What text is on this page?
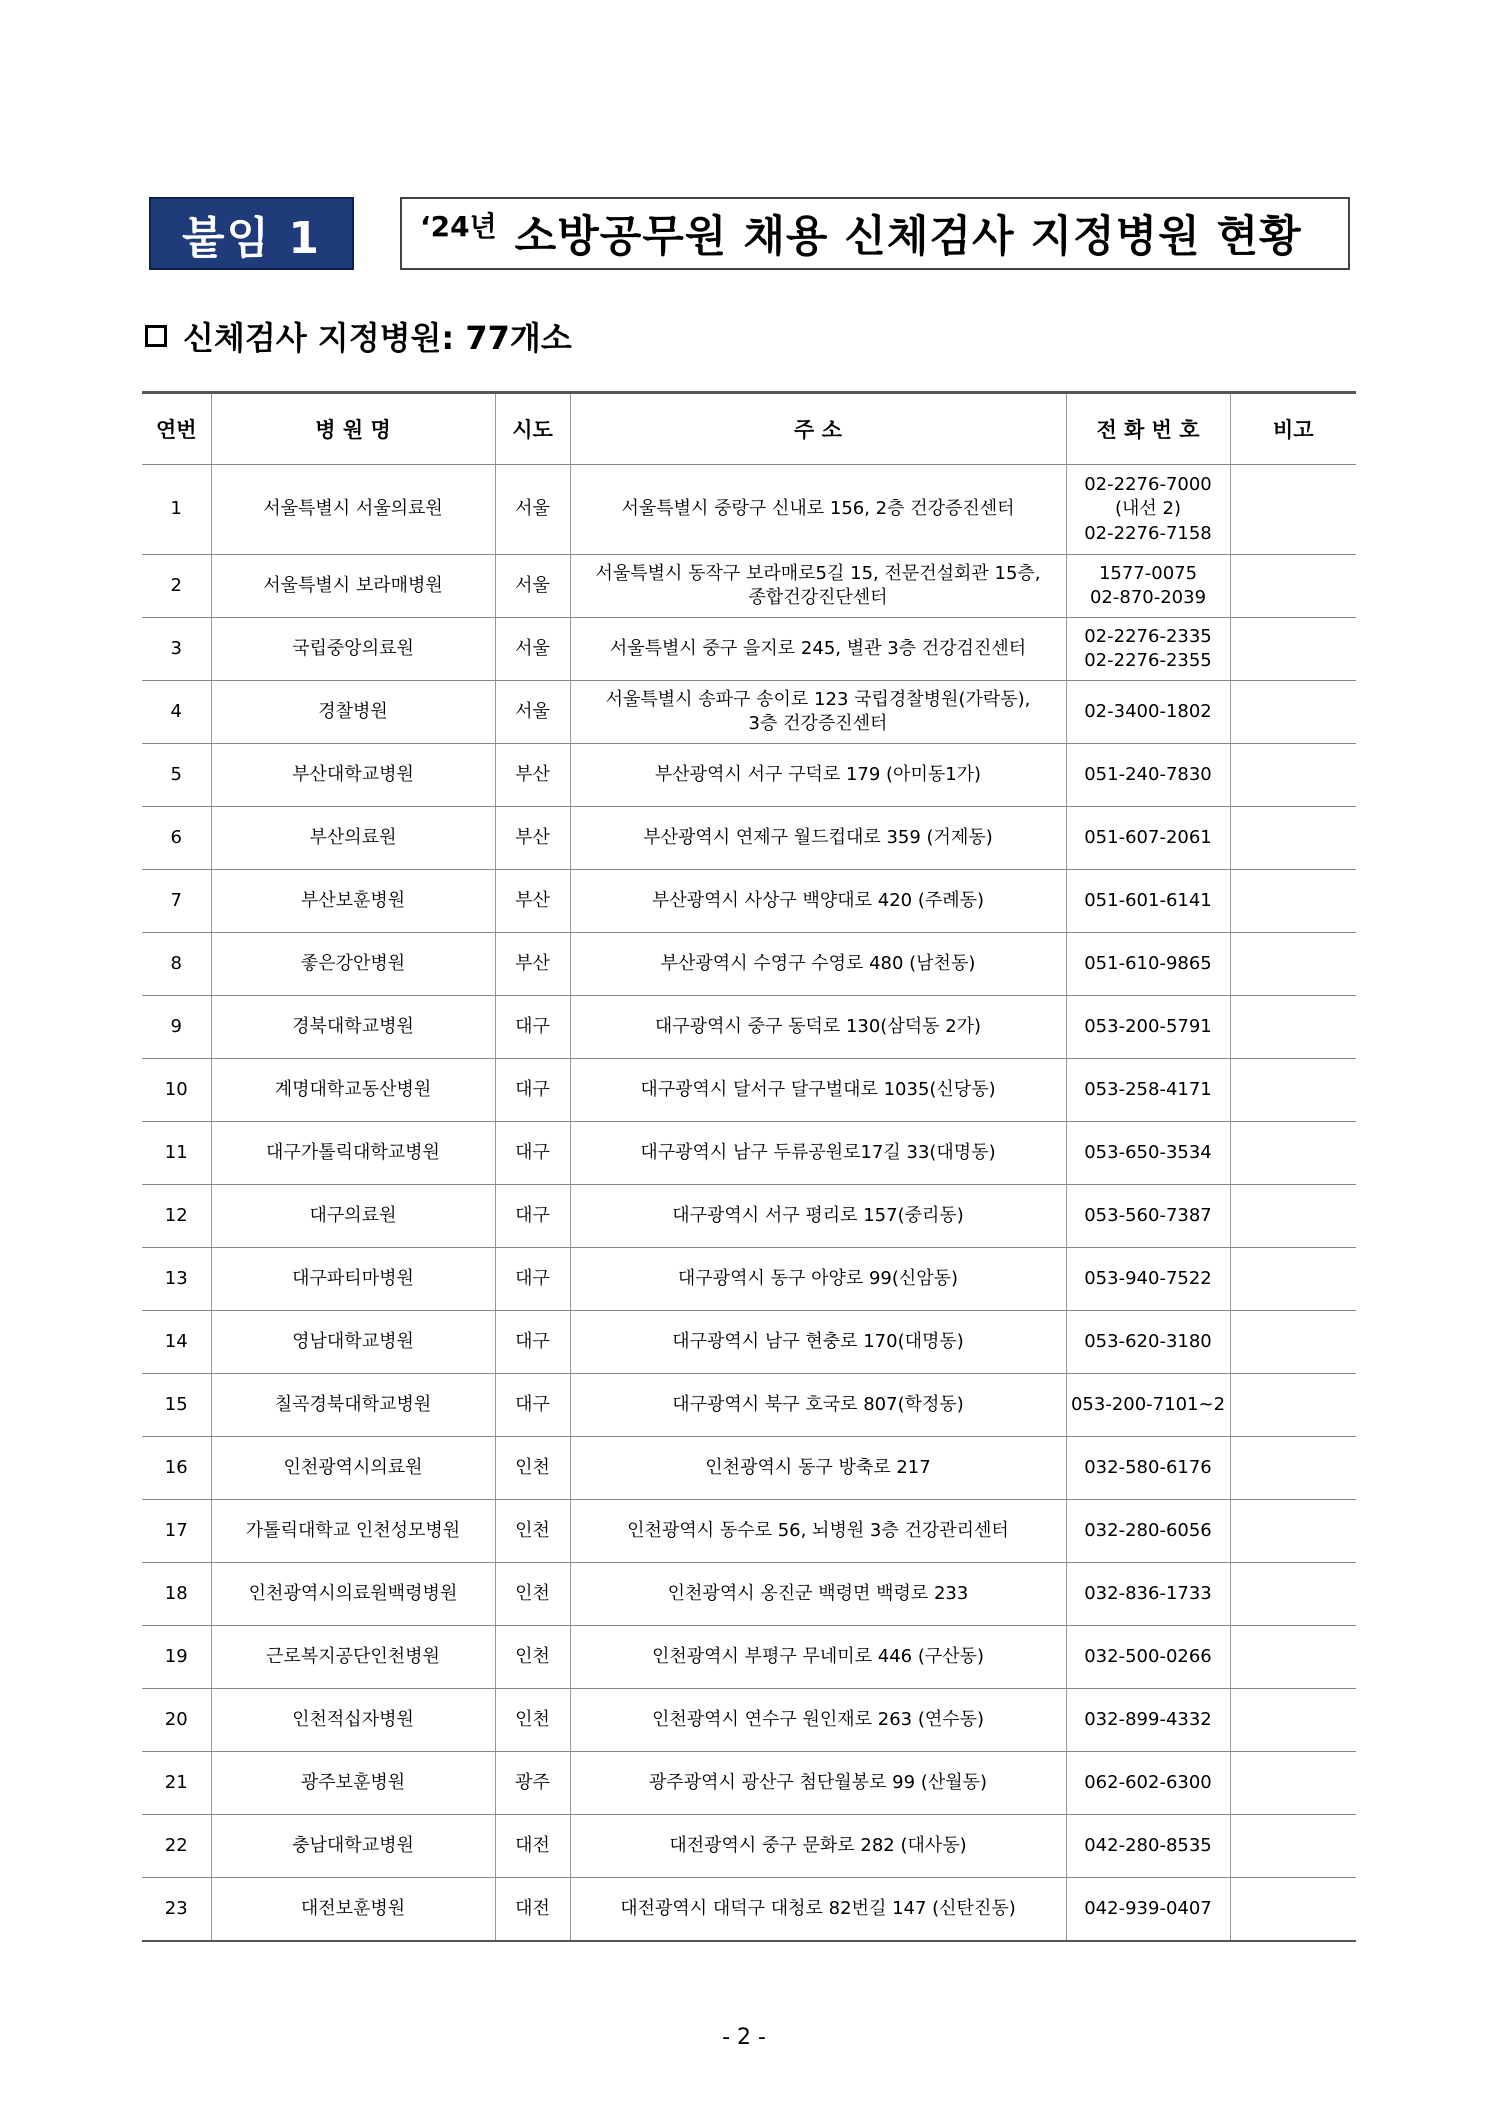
붙임 1	‘24년 소방공무원 채용 신체검사 지정병원 현황
신체검사 지정병원: 77개소
연번	병 원 명	시도	주 소	전 화 번 호	비고
1	서울특별시 서울의료원	서울	서울특별시 중랑구 신내로 156, 2층 건강증진센터	02-2276-7000
(내선 2)
02-2276-7158	

2	서울특별시 보라매병원	서울	서울특별시 동작구 보라매로5길 15, 전문건설회관 15층,
종합건강진단센터	1577-0075
02-870-2039	

3	국립중앙의료원	서울	서울특별시 중구 을지로 245, 별관 3층 건강검진센터	02-2276-2335
02-2276-2355	

4	경찰병원	서울	서울특별시 송파구 송이로 123 국립경찰병원(가락동),
3층 건강증진센터	02-3400-1802	

5	부산대학교병원	부산	부산광역시 서구 구덕로 179 (아미동1가)	051-240-7830	

6	부산의료원	부산	부산광역시 연제구 월드컵대로 359 (거제동)	051-607-2061	

7	부산보훈병원	부산	부산광역시 사상구 백양대로 420 (주례동)	051-601-6141	

8	좋은강안병원	부산	부산광역시 수영구 수영로 480 (남천동)	051-610-9865	

9	경북대학교병원	대구	대구광역시 중구 동덕로 130(삼덕동 2가)	053-200-5791	

10	계명대학교동산병원	대구	대구광역시 달서구 달구벌대로 1035(신당동)	053-258-4171	

11	대구가톨릭대학교병원	대구	대구광역시 남구 두류공원로17길 33(대명동)	053-650-3534	

12	대구의료원	대구	대구광역시 서구 평리로 157(중리동)	053-560-7387	

13	대구파티마병원	대구	대구광역시 동구 아양로 99(신암동)	053-940-7522	

14	영남대학교병원	대구	대구광역시 남구 현충로 170(대명동)	053-620-3180	

15	칠곡경북대학교병원	대구	대구광역시 북구 호국로 807(학정동)	053-200-7101~2	

16	인천광역시의료원	인천	인천광역시 동구 방축로 217	032-580-6176	

17	가톨릭대학교 인천성모병원	인천	인천광역시 동수로 56, 뇌병원 3층 건강관리센터	032-280-6056	

18	인천광역시의료원백령병원	인천	인천광역시 옹진군 백령면 백령로 233	032-836-1733	

19	근로복지공단인천병원	인천	인천광역시 부평구 무네미로 446 (구산동)	032-500-0266	

20	인천적십자병원	인천	인천광역시 연수구 원인재로 263 (연수동)	032-899-4332	

21	광주보훈병원	광주	광주광역시 광산구 첨단월봉로 99 (산월동)	062-602-6300	

22	충남대학교병원	대전	대전광역시 중구 문화로 282 (대사동)	042-280-8535	

23	대전보훈병원	대전	대전광역시 대덕구 대청로 82번길 147 (신탄진동)	042-939-0407	

- 2 -
